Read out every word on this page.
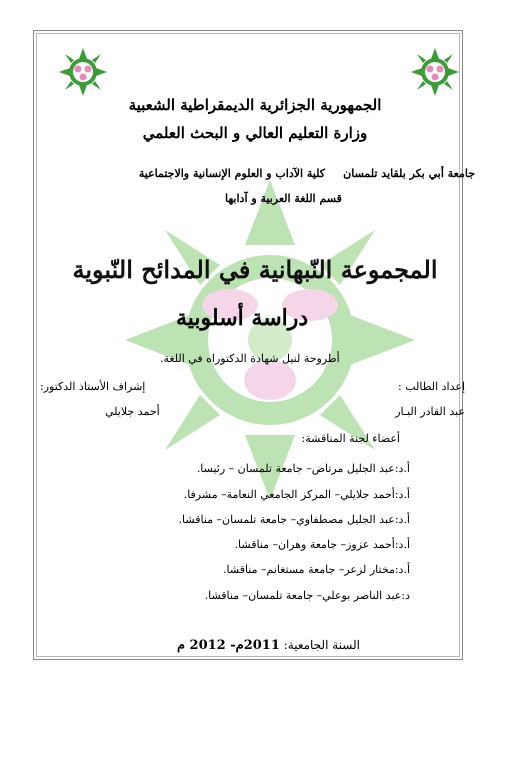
الجمهورية الجزائرية الديمقراطية الشعبية
وزارة التعليم العالي و البحث العلمي
جامعة أبي بكر بلقايد تلمسان
كلية الآداب و العلوم الإنسانية والاجتماعية
قسم اللغة العربية و آدابها
المجموعة النّبهانية في المدائح النّبوية
دراسة أسلوبية
أطروحة لنيل شهادة الدكتوراه في اللغة.
إعداد الطالب :
إشراف الأستاذ الدكتور:
عبد القادر البـار
أحمد جلايلي
أعضاء لجنة المناقشة:
أ.د:عبد الجليل مرتاض– جامعة تلمسان – رئيسا.
أ.د:أحمد جلايلي– المركز الجامعي النعامة– مشرفا.
أ.د:عبد الجليل مصطفاوي– جامعة تلمسان– مناقشا.
أ.د:أحمد عزوز– جامعة وهران– مناقشا.
أ.د:مختار لزعر– جامعة مستغانم– مناقشا.
د:عبد الناصر بوعلي– جامعة تلمسان– مناقشا.
السنة الجامعية: 2011م- 2012 م
